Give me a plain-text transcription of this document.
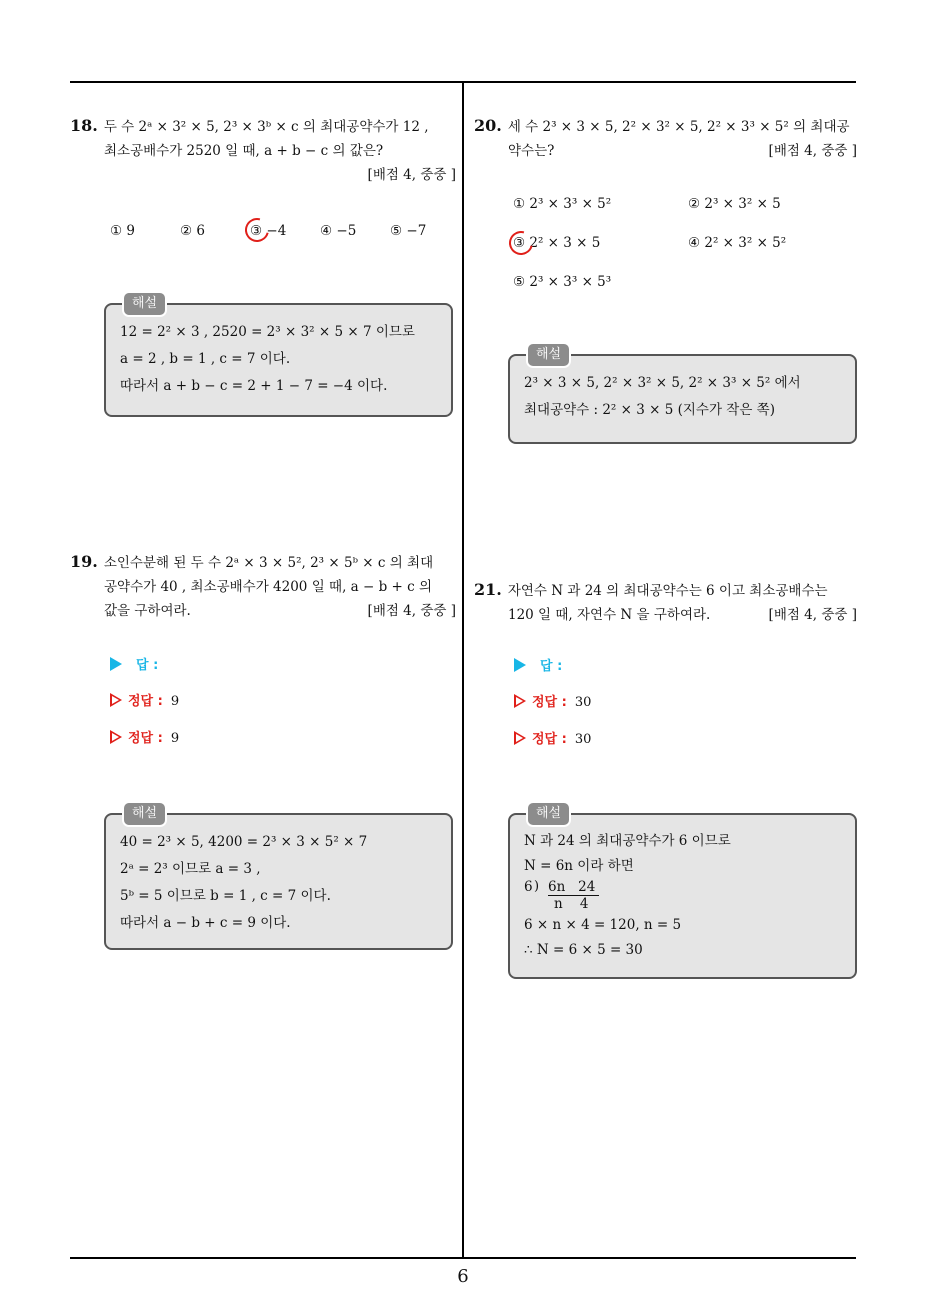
18. 두 수 2ᵃ × 3² × 5, 2³ × 3ᵇ × c 의 최대공약수가 12 ,
최소공배수가 2520 일 때, a + b − c 의 값은?
[배점 4, 중중 ]
① 9	② 6	③ −4 ④ −5 ⑤ −7
해설
12 = 2² × 3 , 2520 = 2³ × 3² × 5 × 7 이므로
a = 2 , b = 1 , c = 7 이다.
따라서 a + b − c = 2 + 1 − 7 = −4 이다.
19. 소인수분해 된 두 수 2ᵃ × 3 × 5², 2³ × 5ᵇ × c 의 최대
공약수가 40 , 최소공배수가 4200 일 때, a − b + c 의
값을 구하여라.	[배점 4, 중중 ]
답 :
정답 : 9
정답 : 9
해설
40 = 2³ × 5, 4200 = 2³ × 3 × 5² × 7
2ᵃ = 2³ 이므로 a = 3 ,
5ᵇ = 5 이므로 b = 1 , c = 7 이다.
따라서 a − b + c = 9 이다.
20. 세 수 2³ × 3 × 5, 2² × 3² × 5, 2² × 3³ × 5² 의 최대공
약수는?	[배점 4, 중중 ]
① 2³ × 3³ × 5²	② 2³ × 3² × 5
③ 2² × 3 × 5	④ 2² × 3² × 5²
⑤ 2³ × 3³ × 5³
해설
2³ × 3 × 5, 2² × 3² × 5, 2² × 3³ × 5² 에서
최대공약수 : 2² × 3 × 5 (지수가 작은 쪽)
21. 자연수 N 과 24 의 최대공약수는 6 이고 최소공배수는
120 일 때, 자연수 N 을 구하여라.	[배점 4, 중중 ]
답 :
정답 : 30
정답 : 30
해설
N 과 24 의 최대공약수가 6 이므로
N = 6n 이라 하면
6 ) 6n   24
n    4
6 × n × 4 = 120, n = 5
∴ N = 6 × 5 = 30
6
